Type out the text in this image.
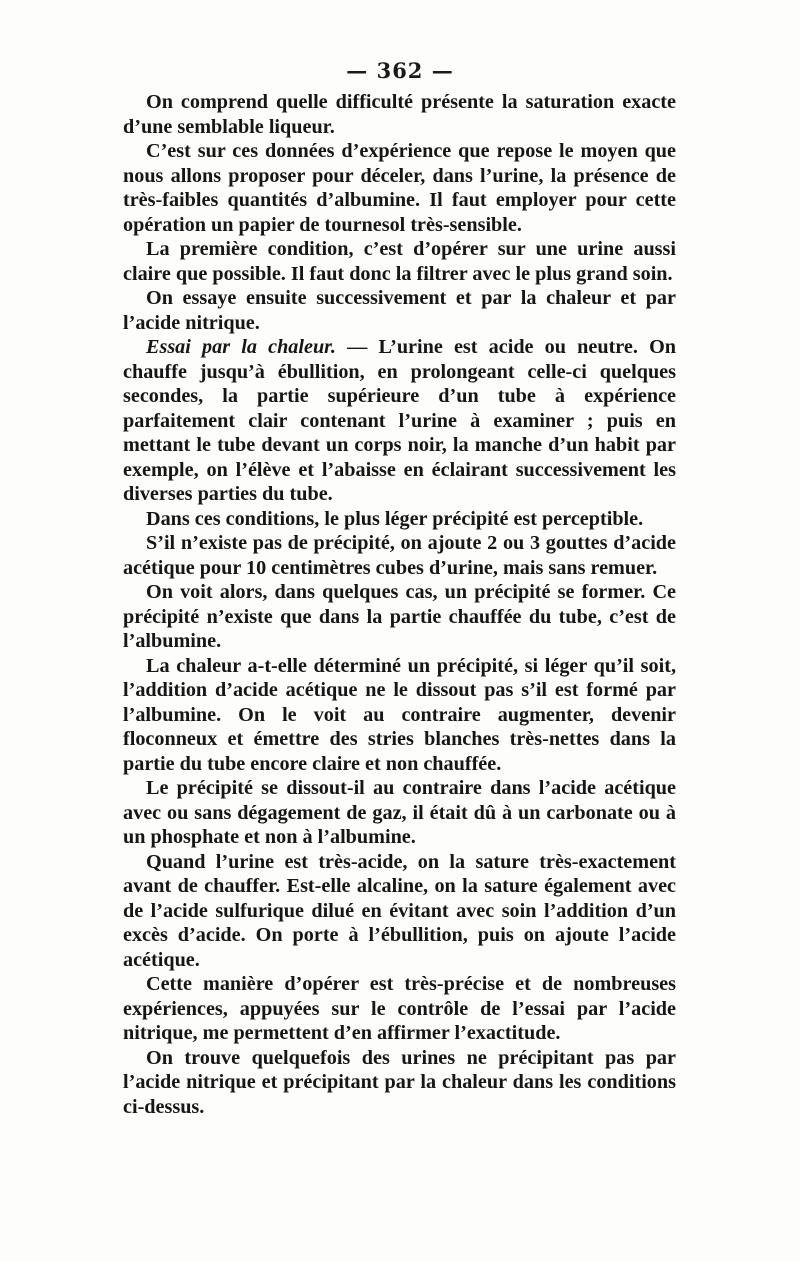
— 362 —

On comprend quelle difficulté présente la saturation exacte d’une semblable liqueur.

C’est sur ces données d’expérience que repose le moyen que nous allons proposer pour déceler, dans l’urine, la présence de très-faibles quantités d’albumine. Il faut employer pour cette opération un papier de tournesol très-sensible.

La première condition, c’est d’opérer sur une urine aussi claire que possible. Il faut donc la filtrer avec le plus grand soin.

On essaye ensuite successivement et par la chaleur et par l’acide nitrique.

Essai par la chaleur. — L’urine est acide ou neutre. On chauffe jusqu’à ébullition, en prolongeant celle-ci quelques secondes, la partie supérieure d’un tube à expérience parfaitement clair contenant l’urine à examiner ; puis en mettant le tube devant un corps noir, la manche d’un habit par exemple, on l’élève et l’abaisse en éclairant successivement les diverses parties du tube.

Dans ces conditions, le plus léger précipité est perceptible.

S’il n’existe pas de précipité, on ajoute 2 ou 3 gouttes d’acide acétique pour 10 centimètres cubes d’urine, mais sans remuer.

On voit alors, dans quelques cas, un précipité se former. Ce précipité n’existe que dans la partie chauffée du tube, c’est de l’albumine.

La chaleur a-t-elle déterminé un précipité, si léger qu’il soit, l’addition d’acide acétique ne le dissout pas s’il est formé par l’albumine. On le voit au contraire augmenter, devenir floconneux et émettre des stries blanches très-nettes dans la partie du tube encore claire et non chauffée.

Le précipité se dissout-il au contraire dans l’acide acétique avec ou sans dégagement de gaz, il était dû à un carbonate ou à un phosphate et non à l’albumine.

Quand l’urine est très-acide, on la sature très-exactement avant de chauffer. Est-elle alcaline, on la sature également avec de l’acide sulfurique dilué en évitant avec soin l’addition d’un excès d’acide. On porte à l’ébullition, puis on ajoute l’acide acétique.

Cette manière d’opérer est très-précise et de nombreuses expériences, appuyées sur le contrôle de l’essai par l’acide nitrique, me permettent d’en affirmer l’exactitude.

On trouve quelquefois des urines ne précipitant pas par l’acide nitrique et précipitant par la chaleur dans les conditions ci-dessus.
